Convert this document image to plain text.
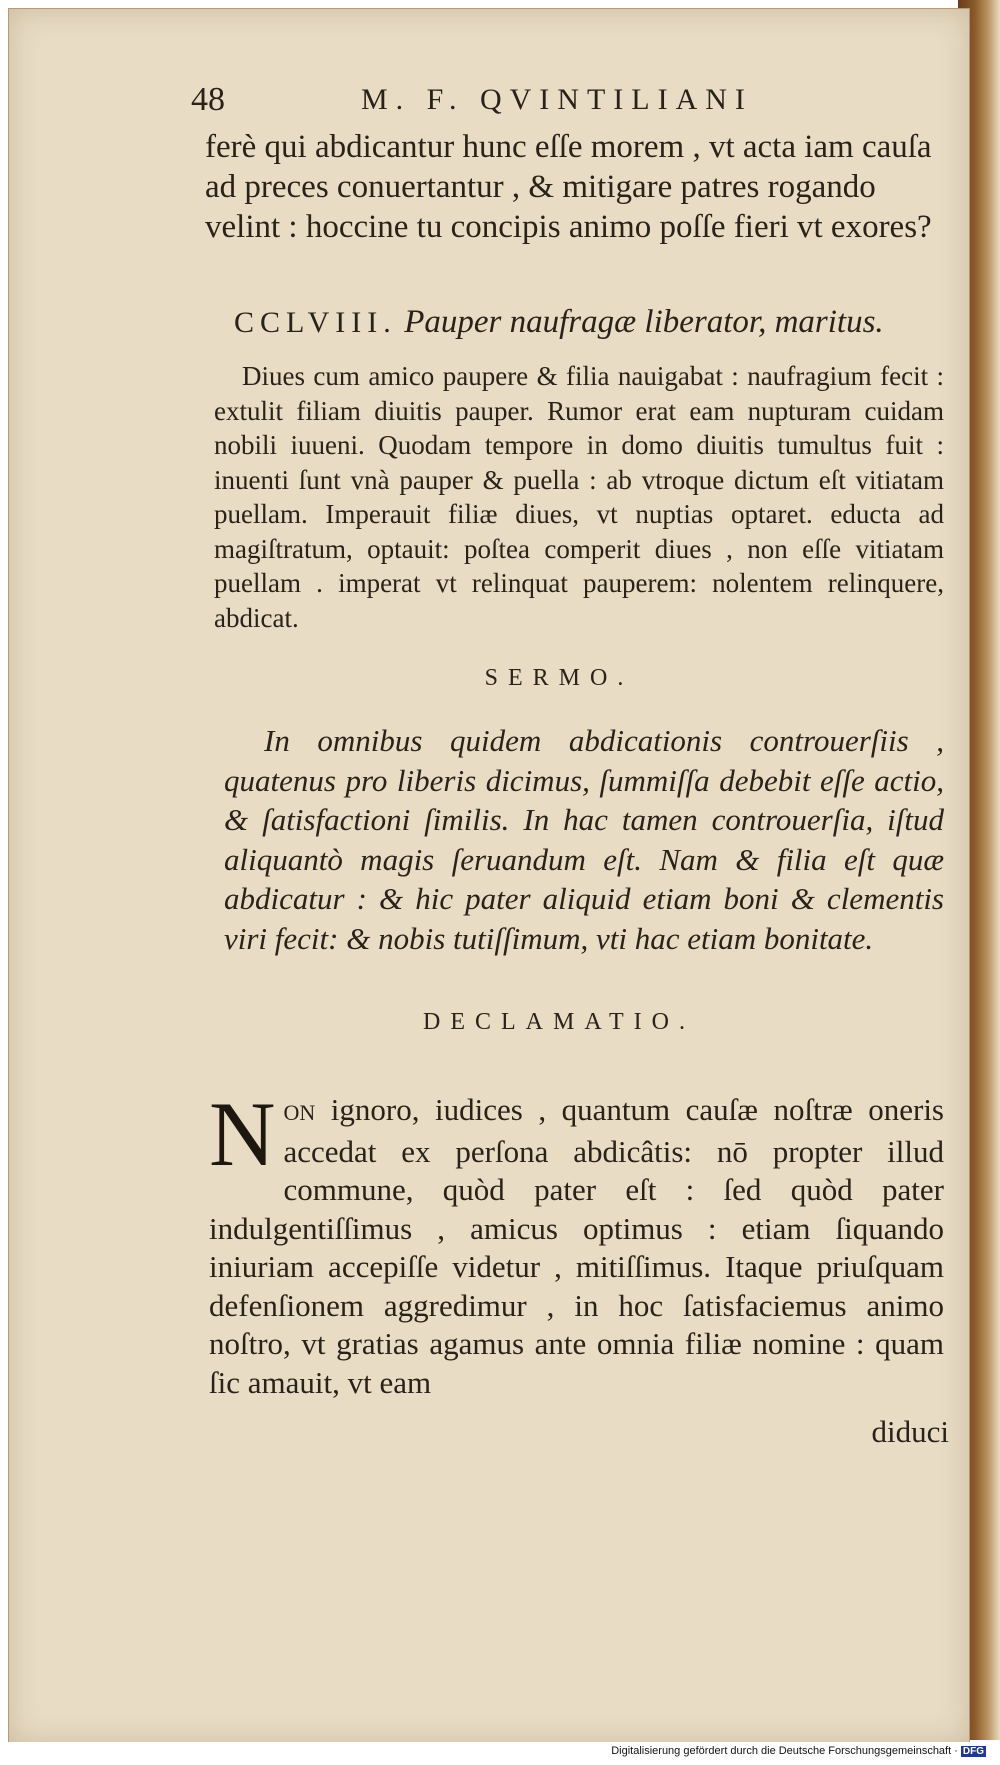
48	M. F. QVINTILIANI
ferè qui abdicantur hunc eſſe morem , vt acta iam cauſa ad preces conuertantur , & mitigare patres rogando velint : hoccine tu concipis animo poſſe fieri vt exores?
CCLVIII. Pauper naufragæ liberator, maritus.

Diues cum amico paupere & filia nauigabat : naufragium fecit : extulit filiam diuitis pauper. Rumor erat eam nupturam cuidam nobili iuueni. Quodam tempore in domo diuitis tumultus fuit : inuenti ſunt vnà pauper & puella : ab vtroque dictum eſt vitiatam puellam. Imperauit filiæ diues, vt nuptias optaret. educta ad magiſtratum, optauit: poſtea comperit diues , non eſſe vitiatam puellam . imperat vt relinquat pauperem: nolentem relinquere, abdicat.

SERMO.

In omnibus quidem abdicationis controuerſiis , quatenus pro liberis dicimus, ſummiſſa debebit eſſe actio, & ſatisfactioni ſimilis. In hac tamen controuerſia, iſtud aliquantò magis ſeruandum eſt. Nam & filia eſt quæ abdicatur : & hic pater aliquid etiam boni & clementis viri fecit: & nobis tutiſſimum, vti hac etiam bonitate.

DECLAMATIO.

NON ignoro, iudices , quantum cauſæ noſtræ oneris accedat ex perſona abdicâtis: nō propter illud commune, quòd pater eſt : ſed quòd pater indulgentiſſimus , amicus optimus : etiam ſiquando iniuriam accepiſſe videtur , mitiſſimus. Itaque priuſquam defenſionem aggredimur , in hoc ſatisfaciemus animo noſtro, vt gratias agamus ante omnia filiæ nomine : quam ſic amauit, vt eam

diduci
Digitalisierung gefördert durch die Deutsche Forschungsgemeinschaft · DFG
